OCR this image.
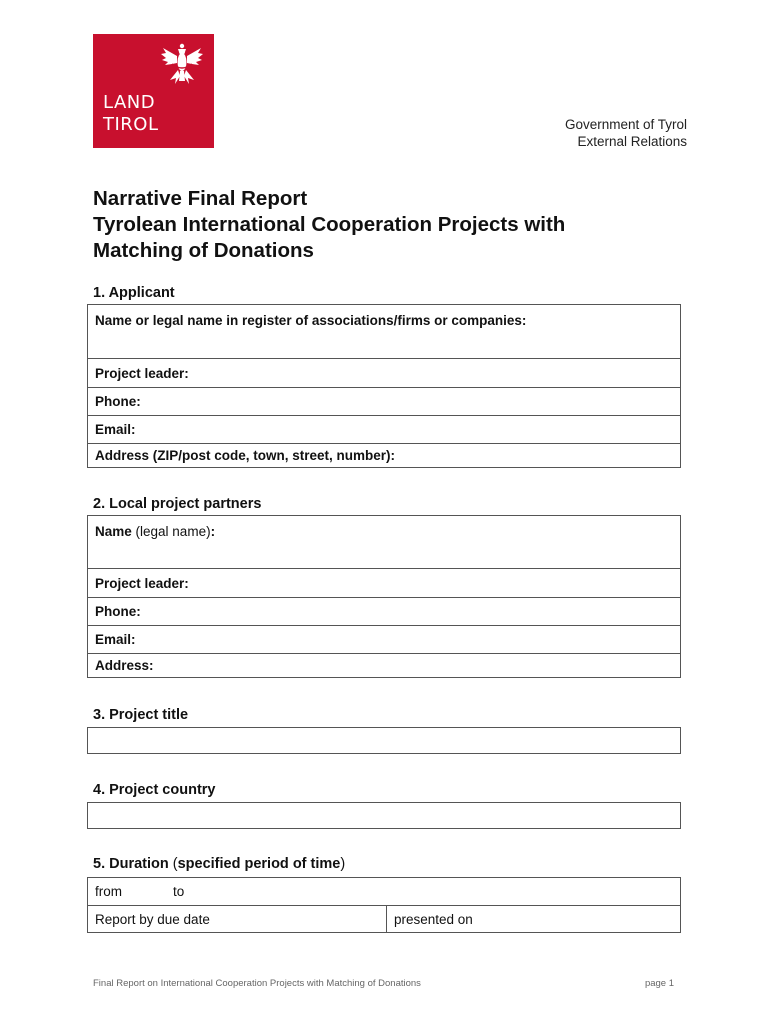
LAND
TIROL	Government of Tyrol
External Relations
Narrative Final Report
Tyrolean International Cooperation Projects with
Matching of Donations
1. Applicant
Name or legal name in register of associations/firms or companies:
Project leader:
Phone:
Email:
Address (ZIP/post code, town, street, number):
2. Local project partners
Name (legal name):
Project leader:
Phone:
Email:
Address:
3. Project title
4. Project country
5. Duration (specified period of time)
from	to
Report by due date	presented on
Final Report on International Cooperation Projects with Matching of Donations	page 1
